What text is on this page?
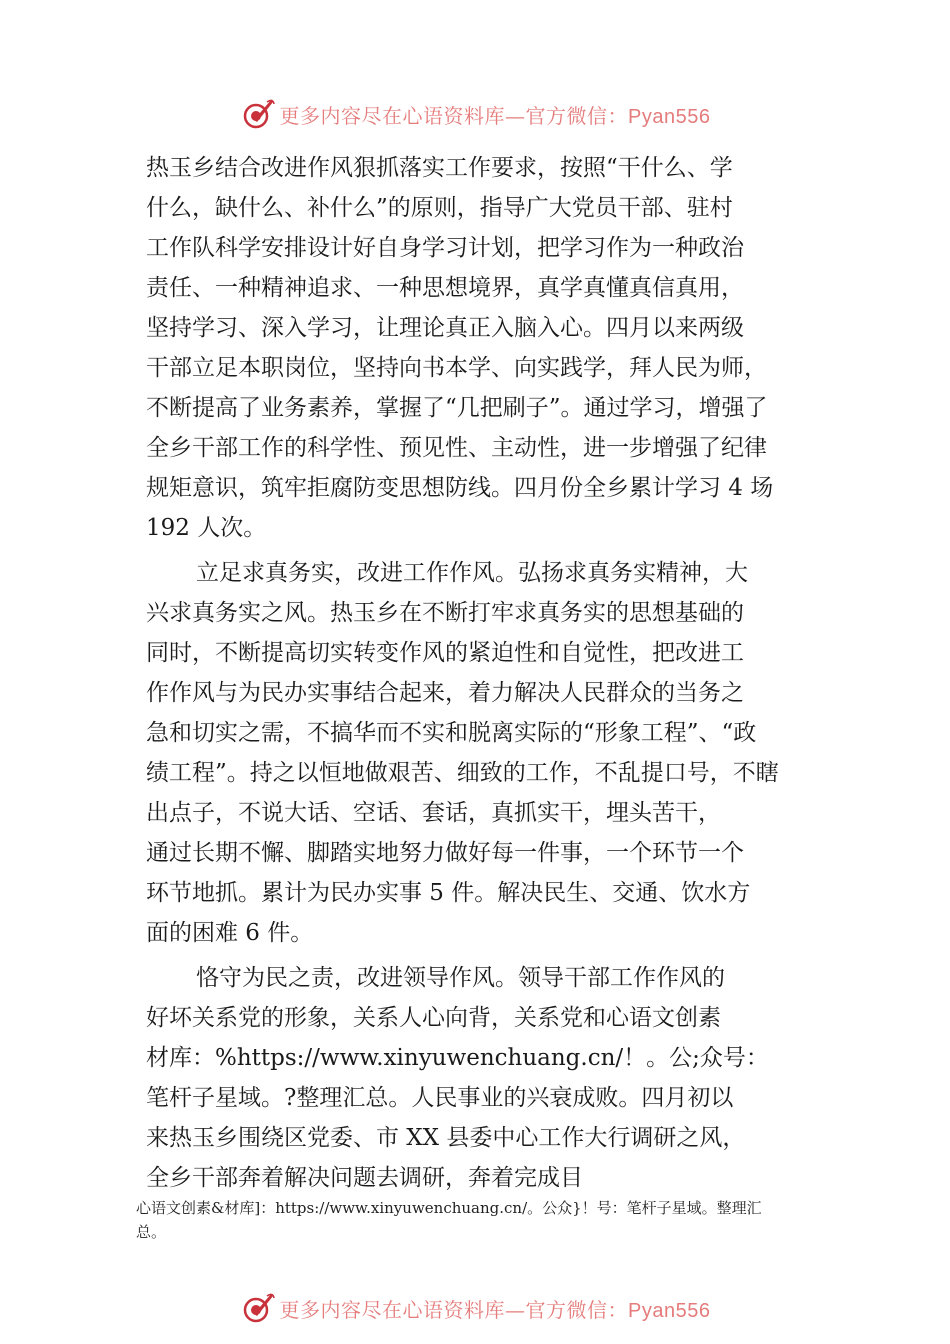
更多内容尽在心语资料库—官方微信：Pyan556
热玉乡结合改进作风狠抓落实工作要求，按照“干什么、学
什么，缺什么、补什么”的原则，指导广大党员干部、驻村
工作队科学安排设计好自身学习计划，把学习作为一种政治
责任、一种精神追求、一种思想境界，真学真懂真信真用，
坚持学习、深入学习，让理论真正入脑入心。四月以来两级
干部立足本职岗位，坚持向书本学、向实践学，拜人民为师，
不断提高了业务素养，掌握了“几把刷子”。通过学习，增强了
全乡干部工作的科学性、预见性、主动性，进一步增强了纪律
规矩意识，筑牢拒腐防变思想防线。四月份全乡累计学习 4 场
192 人次。
立足求真务实，改进工作作风。弘扬求真务实精神，大
兴求真务实之风。热玉乡在不断打牢求真务实的思想基础的
同时，不断提高切实转变作风的紧迫性和自觉性，把改进工
作作风与为民办实事结合起来，着力解决人民群众的当务之
急和切实之需，不搞华而不实和脱离实际的“形象工程”、“政
绩工程”。持之以恒地做艰苦、细致的工作，不乱提口号，不瞎
出点子，不说大话、空话、套话，真抓实干，埋头苦干，
通过长期不懈、脚踏实地努力做好每一件事，一个环节一个
环节地抓。累计为民办实事 5 件。解决民生、交通、饮水方
面的困难 6 件。
恪守为民之责，改进领导作风。领导干部工作作风的
好坏关系党的形象，关系人心向背，关系党和心语文创素
材库：%https://www.xinyuwenchuang.cn/！。公;众号：
笔杆子星域。?整理汇总。人民事业的兴衰成败。四月初以
来热玉乡围绕区党委、市 XX 县委中心工作大行调研之风，
全乡干部奔着解决问题去调研，奔着完成目
心语文创素&材库]：https://www.xinyuwenchuang.cn/。公众}！号：笔杆子星域。整理汇
总。
更多内容尽在心语资料库—官方微信：Pyan556
